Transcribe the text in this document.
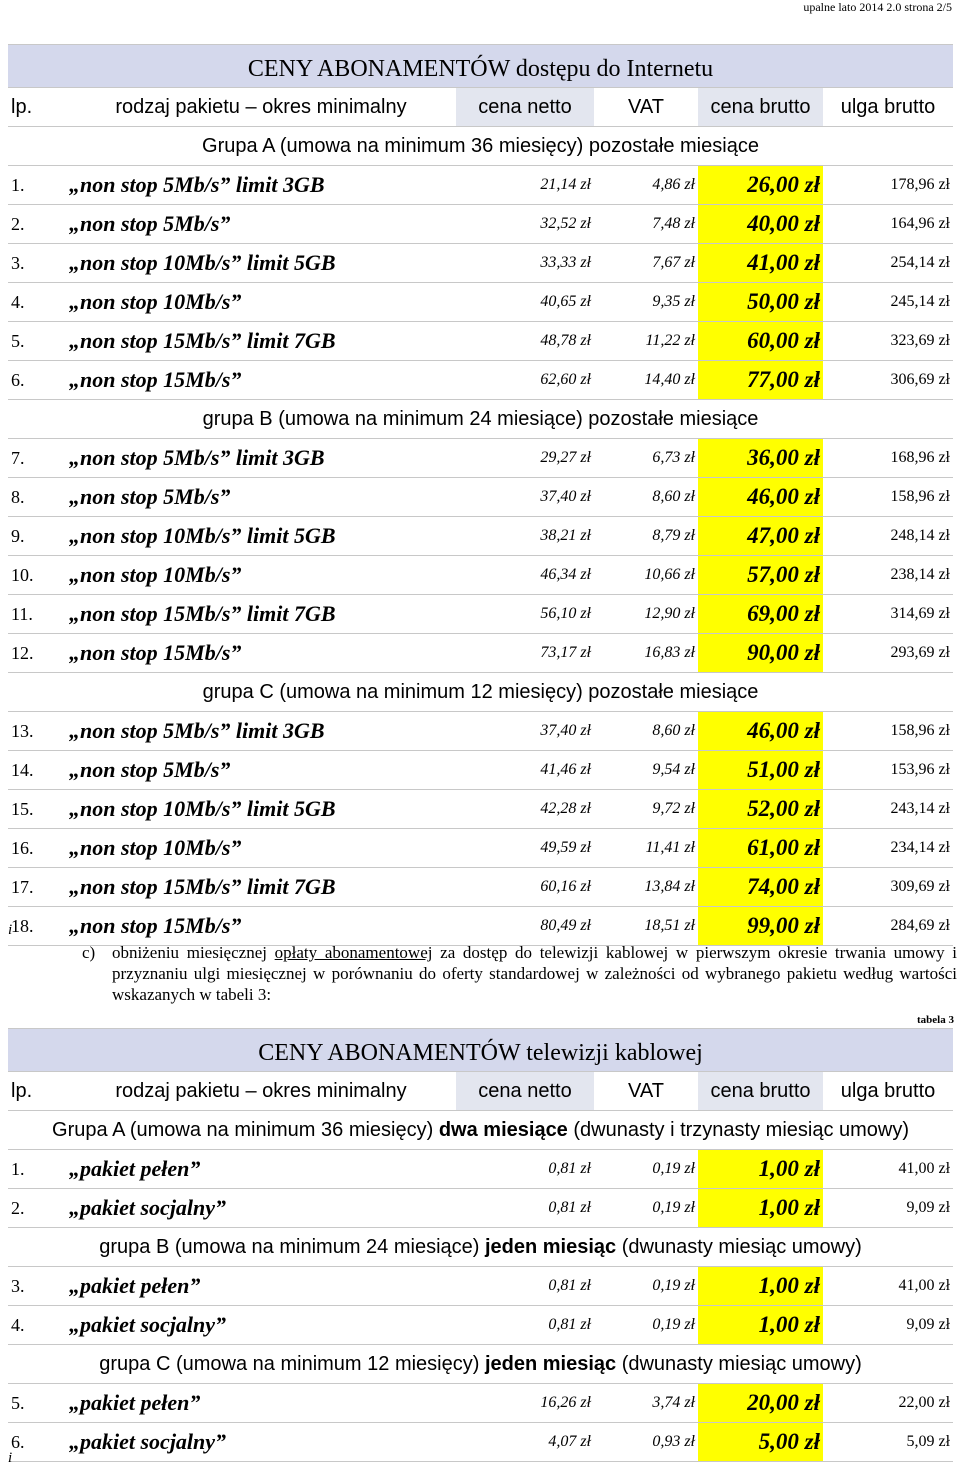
upalne lato 2014 2.0 strona 2/5
CENY ABONAMENTÓW dostępu do Internetu					
lp.	rodzaj pakietu – okres minimalny	cena netto	VAT	cena brutto	ulga brutto
Grupa A (umowa na minimum 36 miesięcy) pozostałe miesiące					
1.	„non stop 5Mb/s” limit 3GB	21,14 zł	4,86 zł	26,00 zł	178,96 zł
2.	„non stop 5Mb/s”	32,52 zł	7,48 zł	40,00 zł	164,96 zł
3.	„non stop 10Mb/s” limit 5GB	33,33 zł	7,67 zł	41,00 zł	254,14 zł
4.	„non stop 10Mb/s”	40,65 zł	9,35 zł	50,00 zł	245,14 zł
5.	„non stop 15Mb/s” limit 7GB	48,78 zł	11,22 zł	60,00 zł	323,69 zł
6.	„non stop 15Mb/s”	62,60 zł	14,40 zł	77,00 zł	306,69 zł
grupa B (umowa na minimum 24 miesiące) pozostałe miesiące					
7.	„non stop 5Mb/s” limit 3GB	29,27 zł	6,73 zł	36,00 zł	168,96 zł
8.	„non stop 5Mb/s”	37,40 zł	8,60 zł	46,00 zł	158,96 zł
9.	„non stop 10Mb/s” limit 5GB	38,21 zł	8,79 zł	47,00 zł	248,14 zł
10.	„non stop 10Mb/s”	46,34 zł	10,66 zł	57,00 zł	238,14 zł
11.	„non stop 15Mb/s” limit 7GB	56,10 zł	12,90 zł	69,00 zł	314,69 zł
12.	„non stop 15Mb/s”	73,17 zł	16,83 zł	90,00 zł	293,69 zł
grupa C (umowa na minimum 12 miesięcy) pozostałe miesiące					
13.	„non stop 5Mb/s” limit 3GB	37,40 zł	8,60 zł	46,00 zł	158,96 zł
14.	„non stop 5Mb/s”	41,46 zł	9,54 zł	51,00 zł	153,96 zł
15.	„non stop 10Mb/s” limit 5GB	42,28 zł	9,72 zł	52,00 zł	243,14 zł
16.	„non stop 10Mb/s”	49,59 zł	11,41 zł	61,00 zł	234,14 zł
17.	„non stop 15Mb/s” limit 7GB	60,16 zł	13,84 zł	74,00 zł	309,69 zł
18.	„non stop 15Mb/s”	80,49 zł	18,51 zł	99,00 zł	284,69 zł
i
c) obniżeniu miesięcznej opłaty abonamentowej za dostęp do telewizji kablowej w pierwszym okresie trwania umowy i przyznaniu ulgi miesięcznej w porównaniu do oferty standardowej w zależności od wybranego pakietu według wartości wskazanych w tabeli 3:
tabela 3
CENY ABONAMENTÓW telewizji kablowej					
lp.	rodzaj pakietu – okres minimalny	cena netto	VAT	cena brutto	ulga brutto
Grupa A (umowa na minimum 36 miesięcy) dwa miesiące (dwunasty i trzynasty miesiąc umowy)					
1.	„pakiet pełen”	0,81 zł	0,19 zł	1,00 zł	41,00 zł
2.	„pakiet socjalny”	0,81 zł	0,19 zł	1,00 zł	9,09 zł
grupa B (umowa na minimum 24 miesiące) jeden miesiąc (dwunasty miesiąc umowy)					
3.	„pakiet pełen”	0,81 zł	0,19 zł	1,00 zł	41,00 zł
4.	„pakiet socjalny”	0,81 zł	0,19 zł	1,00 zł	9,09 zł
grupa C (umowa na minimum 12 miesięcy) jeden miesiąc (dwunasty miesiąc umowy)					
5.	„pakiet pełen”	16,26 zł	3,74 zł	20,00 zł	22,00 zł
6.	„pakiet socjalny”	4,07 zł	0,93 zł	5,00 zł	5,09 zł
i
